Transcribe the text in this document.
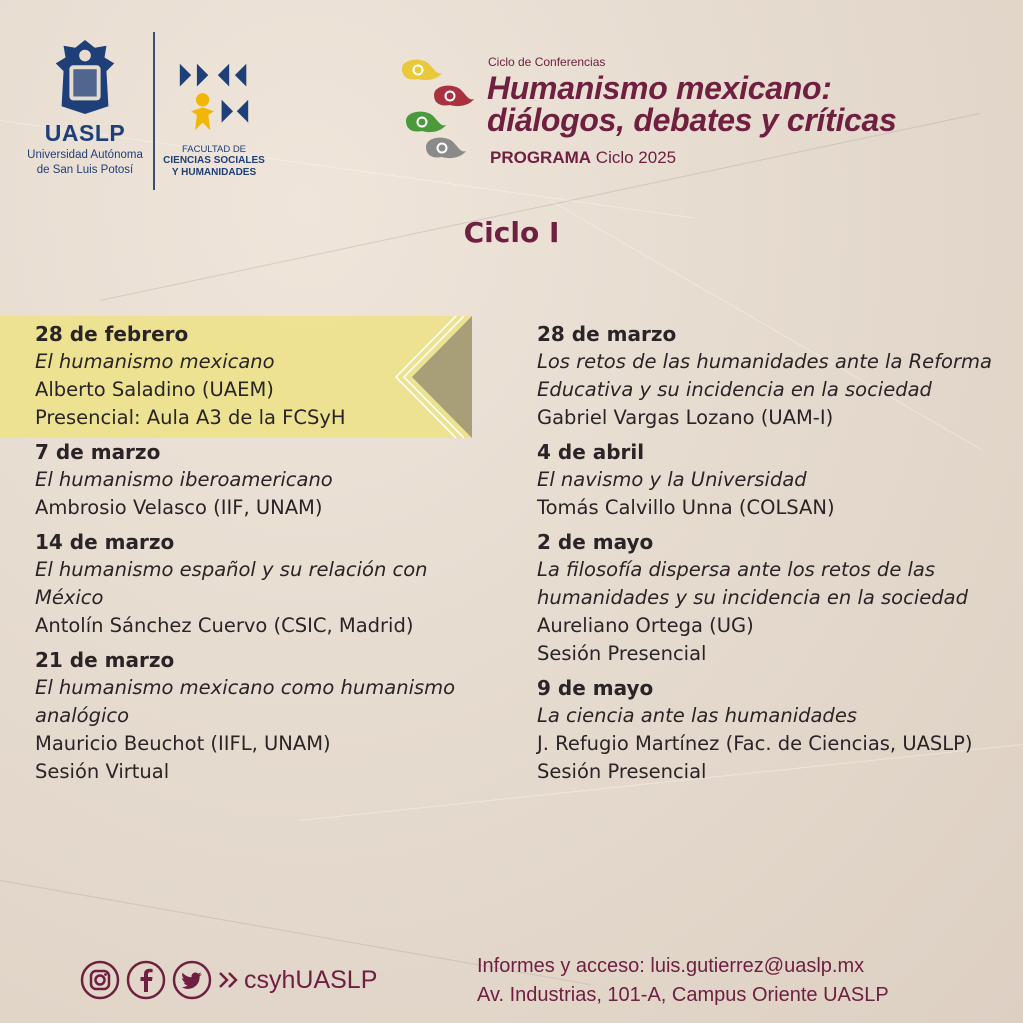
UASLP
Universidad Autónoma
de San Luis Potosí
FACULTAD DE
CIENCIAS SOCIALES
Y HUMANIDADES
Ciclo de Conferencias
Humanismo mexicano:
diálogos, debates y críticas
PROGRAMA Ciclo 2025
Ciclo I
28 de febrero
El humanismo mexicano
Alberto Saladino (UAEM)
Presencial: Aula A3 de la FCSyH
7 de marzo
El humanismo iberoamericano
Ambrosio Velasco (IIF, UNAM)
14 de marzo
El humanismo español y su relación con
México
Antolín Sánchez Cuervo (CSIC, Madrid)
21 de marzo
El humanismo mexicano como humanismo
analógico
Mauricio Beuchot (IIFL, UNAM)
Sesión Virtual
28 de marzo
Los retos de las humanidades ante la Reforma
Educativa y su incidencia en la sociedad
Gabriel Vargas Lozano (UAM-I)
4 de abril
El navismo y la Universidad
Tomás Calvillo Unna (COLSAN)
2 de mayo
La filosofía dispersa ante los retos de las
humanidades y su incidencia en la sociedad
Aureliano Ortega (UG)
Sesión Presencial
9 de mayo
La ciencia ante las humanidades
J. Refugio Martínez (Fac. de Ciencias, UASLP)
Sesión Presencial
csyhUASLP	Informes y acceso: luis.gutierrez@uaslp.mx
Av. Industrias, 101-A, Campus Oriente UASLP
